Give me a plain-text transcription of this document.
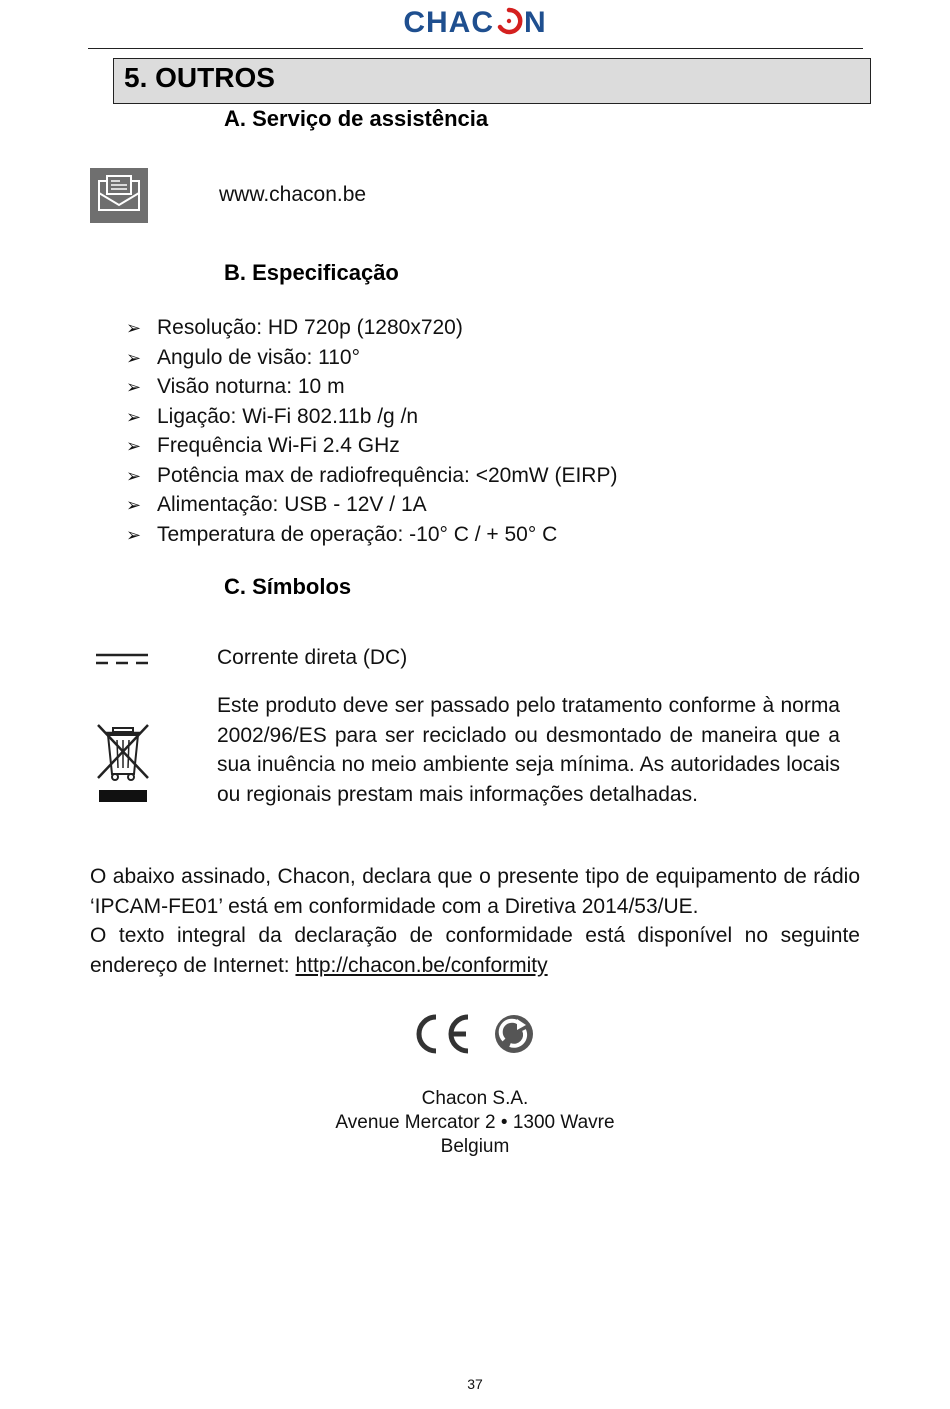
CHAC N
5. OUTROS
A. Serviço de assistência
www.chacon.be
B. Especificação
➢ Resolução: HD 720p (1280x720)
➢ Angulo de visão: 110°
➢ Visão noturna: 10 m
➢ Ligação: Wi-Fi 802.11b /g /n
➢ Frequência Wi-Fi 2.4 GHz
➢ Potência max de radiofrequência: <20mW (EIRP)
➢ Alimentação: USB - 12V / 1A
➢ Temperatura de operação: -10° C / + 50° C
C. Símbolos
Corrente direta (DC)
Este produto deve ser passado pelo tratamento conforme à norma 2002/96/ES para ser reciclado ou desmontado de maneira que a sua inuência no meio ambiente seja mínima. As autoridades locais ou regionais prestam mais informações detalhadas.
O abaixo assinado, Chacon, declara que o presente tipo de equipamento de rádio ‘IPCAM-FE01’ está em conformidade com a Diretiva 2014/53/UE.
O texto integral da declaração de conformidade está disponível no seguinte endereço de Internet: http://chacon.be/conformity
Chacon S.A.
Avenue Mercator 2 • 1300 Wavre
Belgium
37
